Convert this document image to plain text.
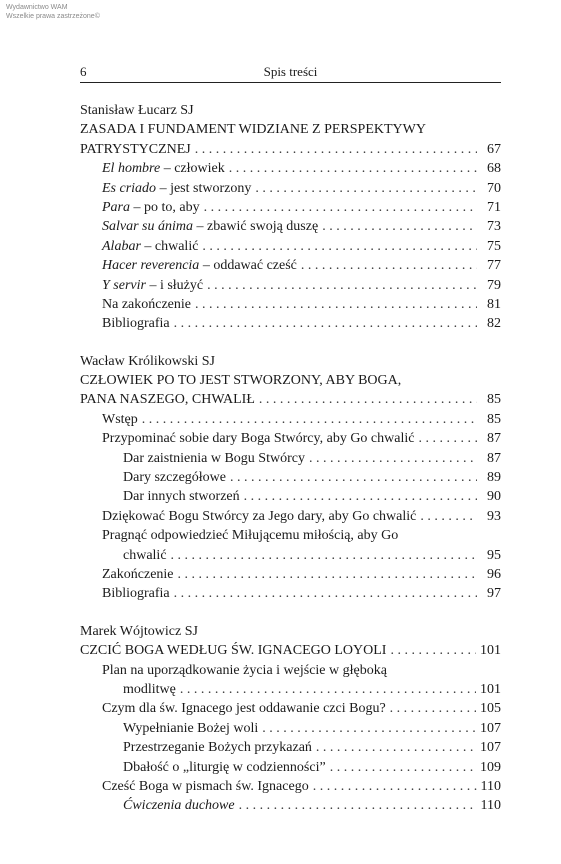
Wydawnictwo WAM
Wszelkie prawa zastrzeżone©
6	Spis treści
Stanisław Łucarz SJ
ZASADA I FUNDAMENT WIDZIANE Z PERSPEKTYWY
PATRYSTYCZNEJ . . .	67
El hombre – człowiek . . .	68
Es criado – jest stworzony . . .	70
Para – po to, aby . . .	71
Salvar su ánima – zbawić swoją duszę . . .	73
Alabar – chwalić . . .	75
Hacer reverencia – oddawać cześć . . .	77
Y servir – i służyć . . .	79
Na zakończenie . . .	81
Bibliografia . . .	82
Wacław Królikowski SJ
CZŁOWIEK PO TO JEST STWORZONY, ABY BOGA,
PANA NASZEGO, CHWALIŁ . . .	85
Wstęp . . .	85
Przypominać sobie dary Boga Stwórcy, aby Go chwalić . . .	87
Dar zaistnienia w Bogu Stwórcy . . .	87
Dary szczegółowe . . .	89
Dar innych stworzeń . . .	90
Dziękować Bogu Stwórcy za Jego dary, aby Go chwalić . . .	93
Pragnąć odpowiedzieć Miłującemu miłością, aby Go
chwalić . . .	95
Zakończenie . . .	96
Bibliografia . . .	97
Marek Wójtowicz SJ
CZCIĆ BOGA WEDŁUG ŚW. IGNACEGO LOYOLI . . .	101
Plan na uporządkowanie życia i wejście w głęboką
modlitwę . . .	101
Czym dla św. Ignacego jest oddawanie czci Bogu? . . .	105
Wypełnianie Bożej woli . . .	107
Przestrzeganie Bożych przykazań . . .	107
Dbałość o „liturgię w codzienności” . . .	109
Cześć Boga w pismach św. Ignacego . . .	110
Ćwiczenia duchowe . . .	110
